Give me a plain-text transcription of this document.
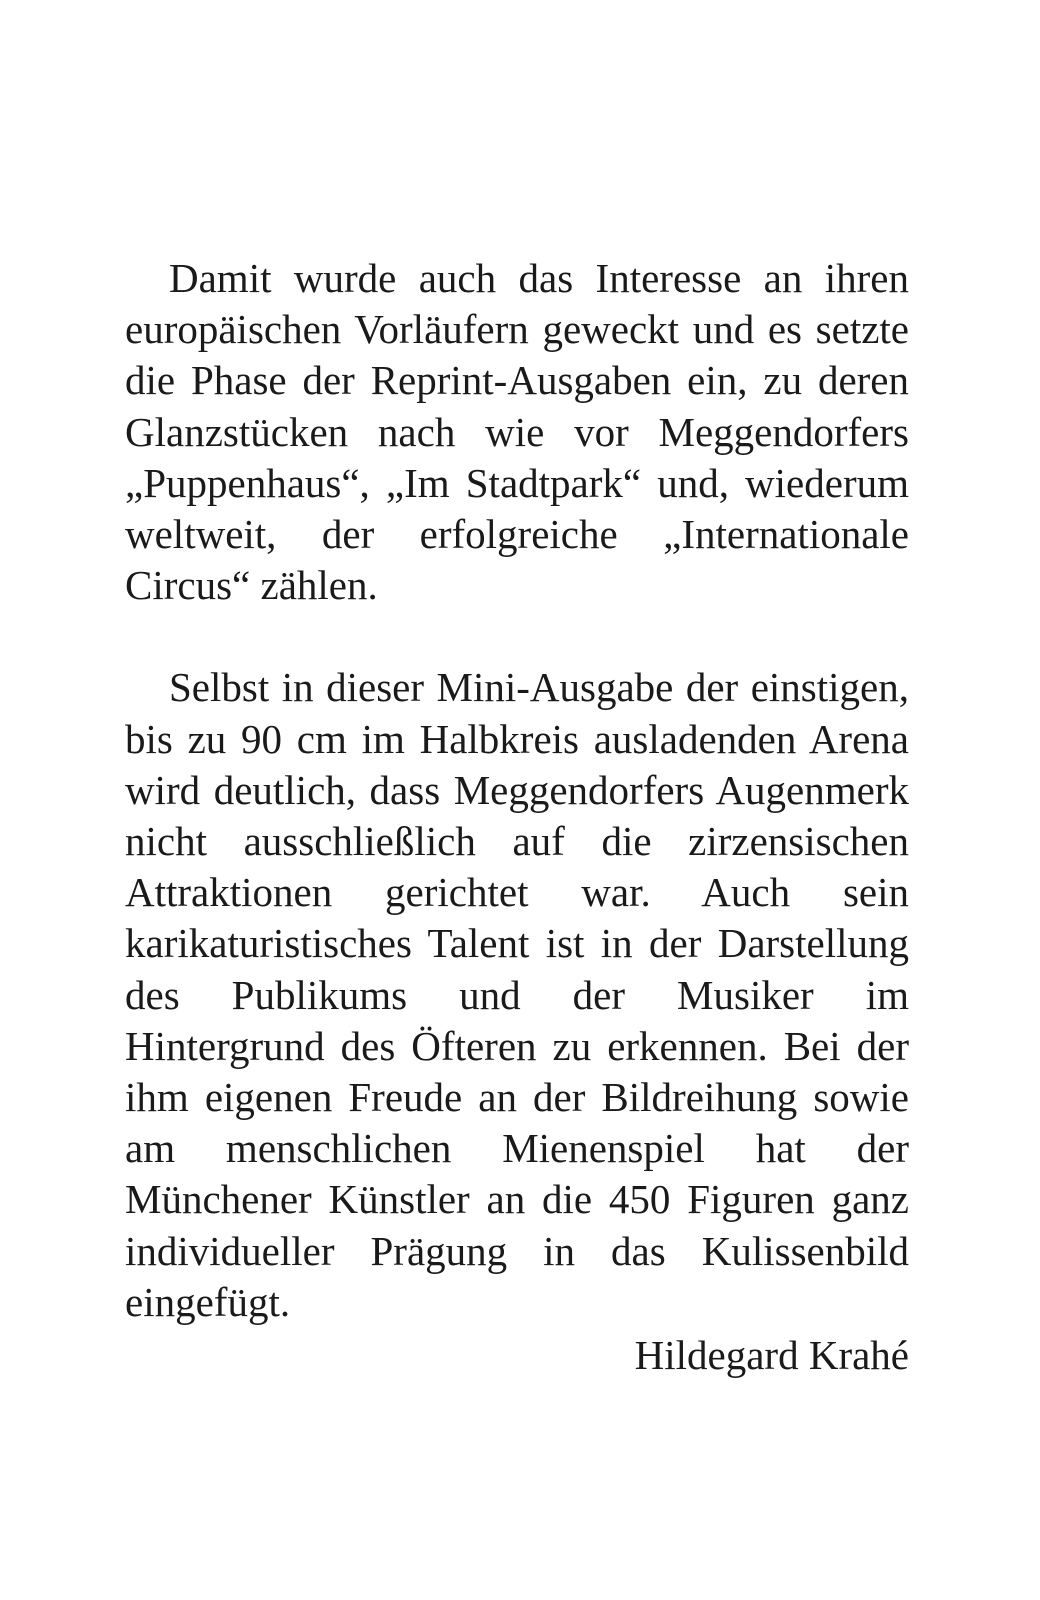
Damit wurde auch das Interesse an ihren europäischen Vorläufern geweckt und es setzte die Phase der Reprint-Ausgaben ein, zu deren Glanzstücken nach wie vor Meggendorfers „Puppenhaus“, „Im Stadtpark“ und, wiederum weltweit, der erfolgreiche „Internationale Circus“ zählen.

Selbst in dieser Mini-Ausgabe der einstigen, bis zu 90 cm im Halbkreis ausladenden Arena wird deutlich, dass Meggendorfers Augenmerk nicht ausschließlich auf die zirzensischen Attraktionen gerichtet war. Auch sein karikaturistisches Talent ist in der Darstellung des Publikums und der Musiker im Hintergrund des Öfteren zu erkennen. Bei der ihm eigenen Freude an der Bildreihung sowie am menschlichen Mienenspiel hat der Münchener Künstler an die 450 Figuren ganz individueller Prägung in das Kulissenbild eingefügt.

Hildegard Krahé
